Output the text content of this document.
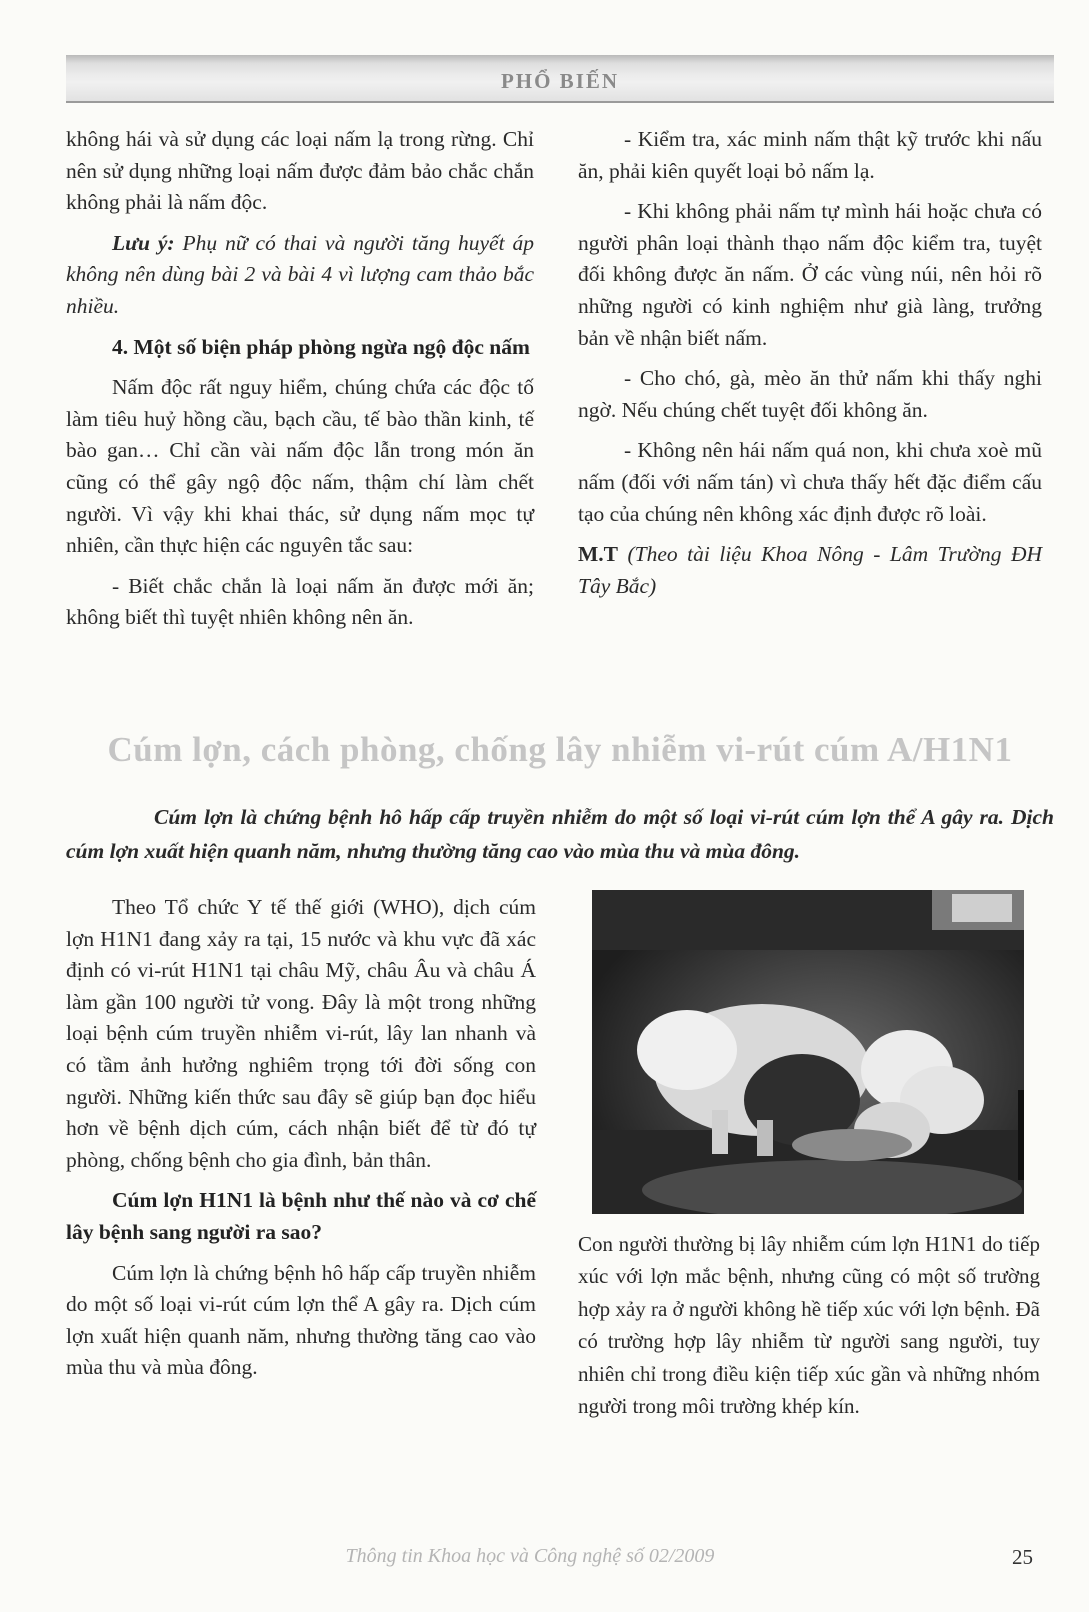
PHỔ BIẾN

không hái và sử dụng các loại nấm lạ trong rừng. Chỉ nên sử dụng những loại nấm được đảm bảo chắc chắn không phải là nấm độc.

Lưu ý: Phụ nữ có thai và người tăng huyết áp không nên dùng bài 2 và bài 4 vì lượng cam thảo bắc nhiều.

4. Một số biện pháp phòng ngừa ngộ độc nấm

Nấm độc rất nguy hiểm, chúng chứa các độc tố làm tiêu huỷ hồng cầu, bạch cầu, tế bào thần kinh, tế bào gan… Chỉ cần vài nấm độc lẫn trong món ăn cũng có thể gây ngộ độc nấm, thậm chí làm chết người. Vì vậy khi khai thác, sử dụng nấm mọc tự nhiên, cần thực hiện các nguyên tắc sau:

- Biết chắc chắn là loại nấm ăn được mới ăn; không biết thì tuyệt nhiên không nên ăn.

- Kiểm tra, xác minh nấm thật kỹ trước khi nấu ăn, phải kiên quyết loại bỏ nấm lạ.

- Khi không phải nấm tự mình hái hoặc chưa có người phân loại thành thạo nấm độc kiểm tra, tuyệt đối không được ăn nấm. Ở các vùng núi, nên hỏi rõ những người có kinh nghiệm như già làng, trưởng bản về nhận biết nấm.

- Cho chó, gà, mèo ăn thử nấm khi thấy nghi ngờ. Nếu chúng chết tuyệt đối không ăn.

- Không nên hái nấm quá non, khi chưa xoè mũ nấm (đối với nấm tán) vì chưa thấy hết đặc điểm cấu tạo của chúng nên không xác định được rõ loài.

M.T (Theo tài liệu Khoa Nông - Lâm Trường ĐH Tây Bắc)

Cúm lợn, cách phòng, chống lây nhiễm vi-rút cúm A/H1N1
Cúm lợn là chứng bệnh hô hấp cấp truyền nhiễm do một số loại vi-rút cúm lợn thể A gây ra. Dịch cúm lợn xuất hiện quanh năm, nhưng thường tăng cao vào mùa thu và mùa đông.

Theo Tổ chức Y tế thế giới (WHO), dịch cúm lợn H1N1 đang xảy ra tại, 15 nước và khu vực đã xác định có vi-rút H1N1 tại châu Mỹ, châu Âu và châu Á làm gần 100 người tử vong. Đây là một trong những loại bệnh cúm truyền nhiễm vi-rút, lây lan nhanh và có tầm ảnh hưởng nghiêm trọng tới đời sống con người. Những kiến thức sau đây sẽ giúp bạn đọc hiểu hơn về bệnh dịch cúm, cách nhận biết để từ đó tự phòng, chống bệnh cho gia đình, bản thân.

Cúm lợn H1N1 là bệnh như thế nào và cơ chế lây bệnh sang người ra sao?

Cúm lợn là chứng bệnh hô hấp cấp truyền nhiễm do một số loại vi-rút cúm lợn thể A gây ra. Dịch cúm lợn xuất hiện quanh năm, nhưng thường tăng cao vào mùa thu và mùa đông.

Con người thường bị lây nhiễm cúm lợn H1N1 do tiếp xúc với lợn mắc bệnh, nhưng cũng có một số trường hợp xảy ra ở người không hề tiếp xúc với lợn bệnh. Đã có trường hợp lây nhiễm từ người sang người, tuy nhiên chỉ trong điều kiện tiếp xúc gần và những nhóm người trong môi trường khép kín.
Thông tin Khoa học và Công nghệ số 02/2009	25
